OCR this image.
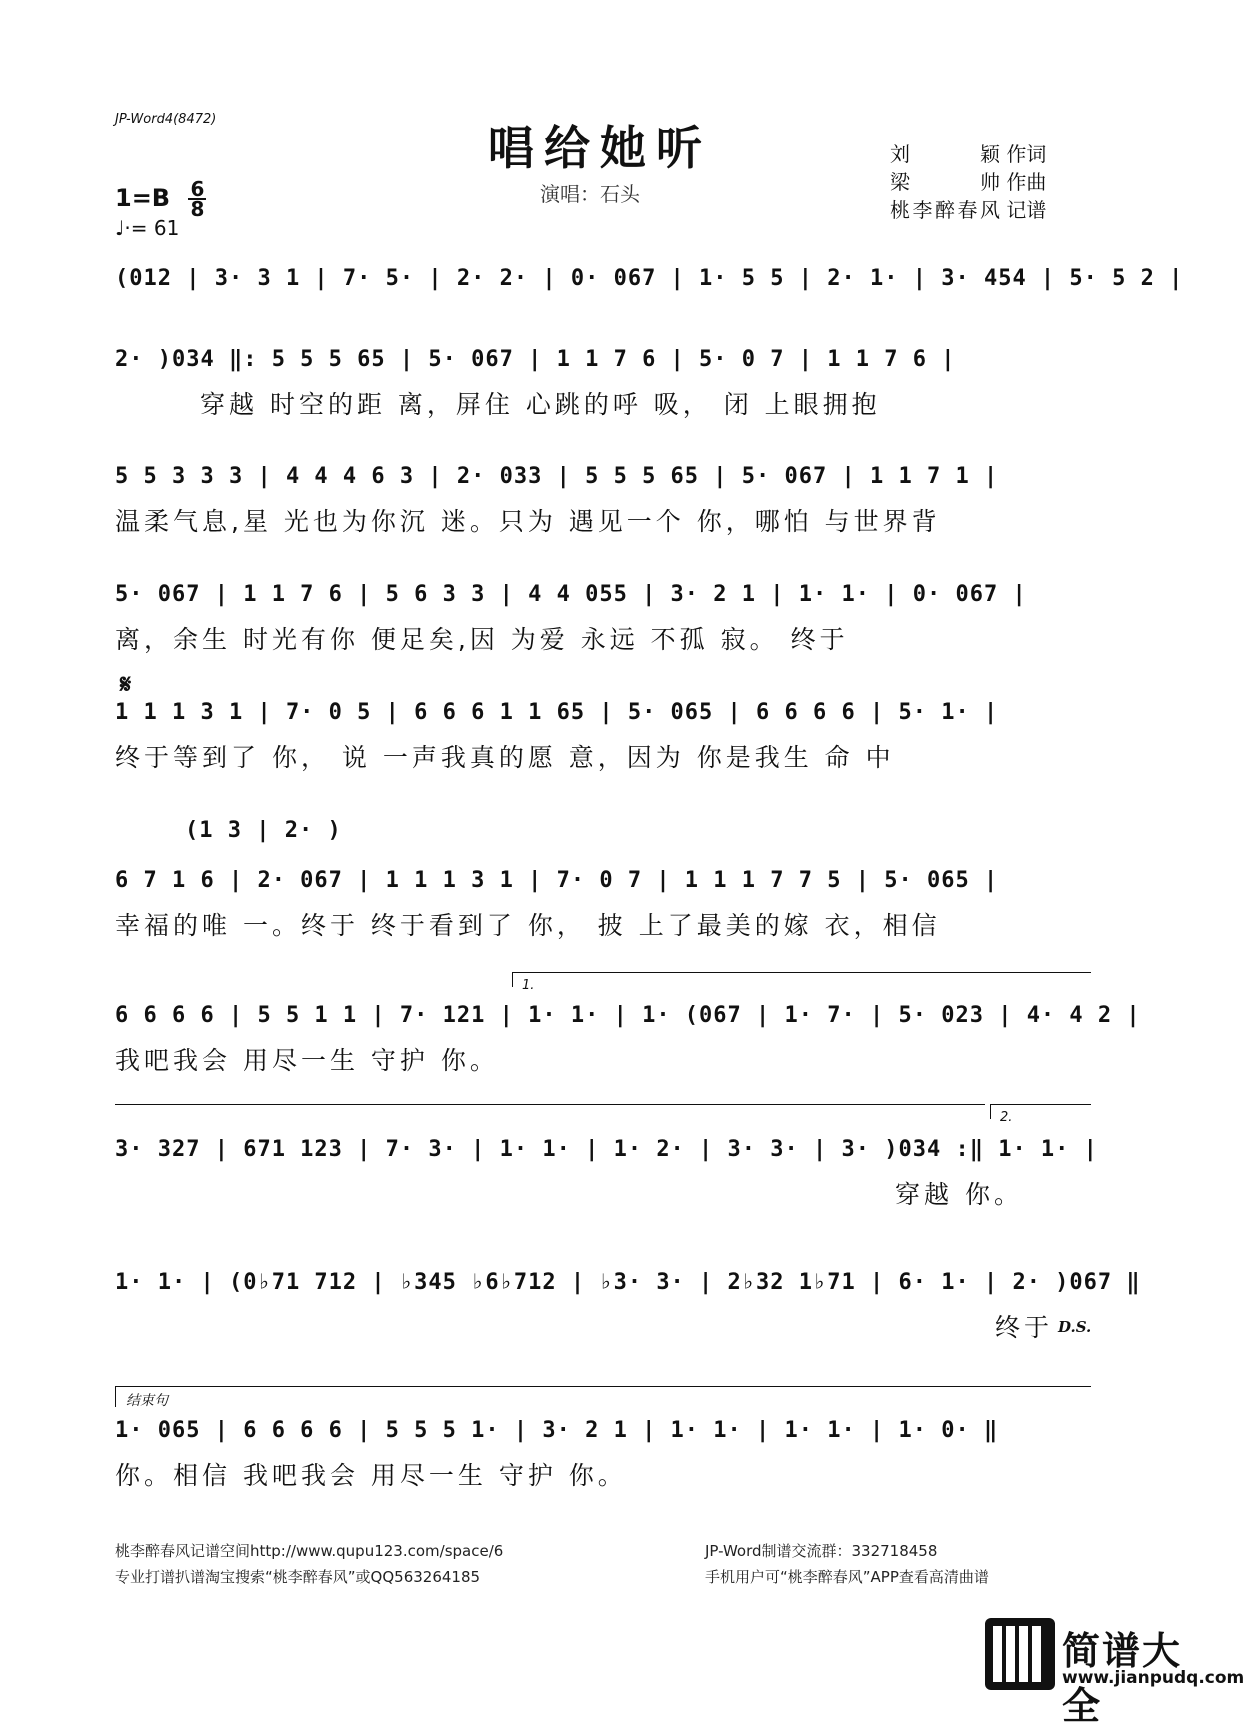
JP-Word4(8472)
唱给她听
演唱：石头
刘 颖 作词
梁 帅 作曲
桃李醉春风 记谱
$1=B \frac{6}{8}$
♩·= 61
(012 | 3· 3 1 | 7· 5· | 2· 2· | 0· 067 | 1· 5 5 | 2· 1· | 3· 454 | 5· 5 2 |
2· )034 ‖: 5 5 5 65 | 5· 067 | 1 1 7 6 | 5· 0 7 | 1 1 7 6 |
穿越 时空的距 离，屏住 心跳的呼 吸， 闭 上眼拥抱
5 5 3 3 3 | 4 4 4 6 3 | 2· 033 | 5 5 5 65 | 5· 067 | 1 1 7 1 |
温柔气息,星 光也为你沉 迷。只为 遇见一个 你，哪怕 与世界背
5· 067 | 1 1 7 6 | 5 6 3 3 | 4 4 055 | 3· 2 1 | 1· 1· | 0· 067 |
离，余生 时光有你 便足矣,因 为爱 永远 不孤 寂。 终于
𝄋
1 1 1 3 1 | 7· 0 5 | 6 6 6 1 1 65 | 5· 065 | 6 6 6 6 | 5· 1· |
终于等到了 你， 说 一声我真的愿 意，因为 你是我生 命 中
(1 3 | 2· )
6 7 1 6 | 2· 067 | 1 1 1 3 1 | 7· 0 7 | 1 1 1 7 7 5 | 5· 065 |
幸福的唯 一。终于 终于看到了 你， 披 上了最美的嫁 衣，相信
1.
6 6 6 6 | 5 5 1 1 | 7· 121 | 1· 1· | 1· (067 | 1· 7· | 5· 023 | 4· 4 2 |
我吧我会 用尽一生 守护 你。
2.
3· 327 | 671 123 | 7· 3· | 1· 1· | 1· 2· | 3· 3· | 3· )034 :‖ 1· 1· |
穿越 你。
1· 1· | (0♭71 712 | ♭345 ♭6♭712 | ♭3· 3· | 2♭32 1♭71 | 6· 1· | 2· )067 ‖
终于 D.S.
结束句
1· 065 | 6 6 6 6 | 5 5 5 1· | 3· 2 1 | 1· 1· | 1· 1· | 1· 0· ‖
你。相信 我吧我会 用尽一生 守护 你。
桃李醉春风记谱空间http://www.qupu123.com/space/6
专业打谱扒谱淘宝搜索“桃李醉春风”或QQ563264185
JP-Word制谱交流群：332718458
手机用户可“桃李醉春风”APP查看高清曲谱
简谱大全
www.jianpudq.com
